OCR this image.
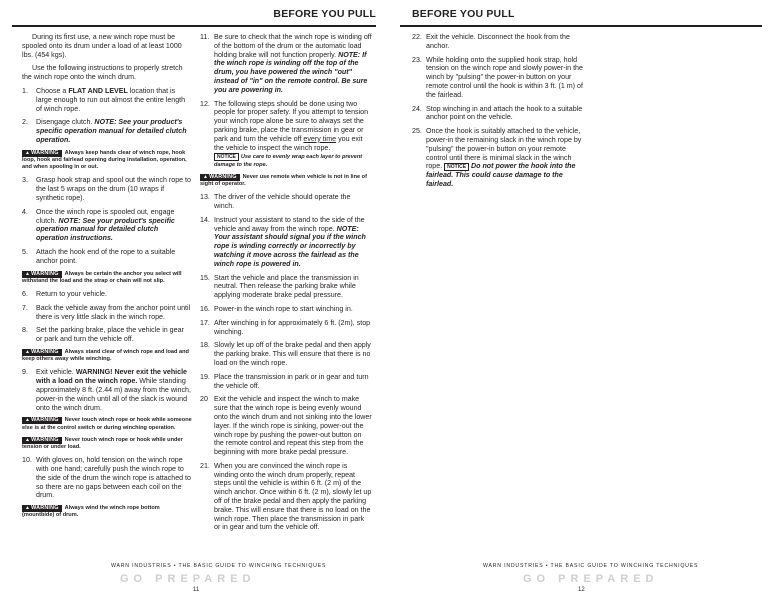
BEFORE YOU PULL

During its first use, a new winch rope must be spooled onto its drum under a load of at least 1000 lbs. (454 kgs).

Use the following instructions to properly stretch the winch rope onto the winch drum.

1.	Choose a FLAT AND LEVEL location that is large enough to run out almost the entire length of winch rope.
2.	Disengage clutch. NOTE: See your product's specific operation manual for detailed clutch operation.
▲WARNING Always keep hands clear of winch rope, hook loop, hook and fairlead opening during installation, operation, and when spooling in or out.
3.	Grasp hook strap and spool out the winch rope to the last 5 wraps on the drum (10 wraps if synthetic rope).
4.	Once the winch rope is spooled out, engage clutch. NOTE: See your product's specific operation manual for detailed clutch operation instructions.
5.	Attach the hook end of the rope to a suitable anchor point.
▲WARNING Always be certain the anchor you select will withstand the load and the strap or chain will not slip.
6.	Return to your vehicle.
7.	Back the vehicle away from the anchor point until there is very little slack in the winch rope.
8.	Set the parking brake, place the vehicle in gear or park and turn the vehicle off.
▲WARNING Always stand clear of winch rope and load and keep others away while winching.
9.	Exit vehicle. WARNING! Never exit the vehicle with a load on the winch rope. While standing approximately 8 ft. (2.44 m) away from the winch, power-in the winch until all of the slack is wound onto the winch drum.
▲WARNING Never touch winch rope or hook while someone else is at the control switch or during winching operation.
▲WARNING Never touch winch rope or hook while under tension or under load.
10. With gloves on, hold tension on the winch rope with one hand; carefully push the winch rope to the side of the drum the winch rope is attached to so there are no gaps between each coil on the drum.
▲WARNING Always wind the winch rope bottom (mountbide) of drum.
11. Be sure to check that the winch rope is winding off of the bottom of the drum or the automatic load holding brake will not function properly. NOTE: If the winch rope is winding off the top of the drum, you have powered the winch "out" instead of "in" on the remote control. Be sure you are powering in.
12. The following steps should be done using two people for proper safety. If you attempt to tension your winch rope alone be sure to always set the parking brake, place the transmission in gear or park and turn the vehicle off every time you exit the vehicle to inspect the winch rope.
NOTICE Use care to evenly wrap each layer to prevent damage to the rope.
▲WARNING Never use remote when vehicle is not in line of sight of operator.
13. The driver of the vehicle should operate the winch.
14. Instruct your assistant to stand to the side of the vehicle and away from the winch rope. NOTE: Your assistant should signal you if the winch rope is winding correctly or incorrectly by watching it move across the fairlead as the winch rope is powered in.
15. Start the vehicle and place the transmission in neutral. Then release the parking brake while applying moderate brake pedal pressure.
16. Power-in the winch rope to start winching in.
17. After winching in for approximately 6 ft. (2m), stop winching.
18. Slowly let up off of the brake pedal and then apply the parking brake. This will ensure that there is no load on the winch rope.
19. Place the transmission in park or in gear and turn the vehicle off.
20 Exit the vehicle and inspect the winch to make sure that the winch rope is being evenly wound onto the winch drum and not sinking into the lower layer. If the winch rope is sinking, power-out the winch rope by pushing the power-out button on the remote control and repeat this step from the beginning with more brake pedal pressure.
21. When you are convinced the winch rope is winding onto the winch drum properly, repeat steps until the vehicle is within 6 ft. (2 m) of the winch anchor. Once within 6 ft. (2 m), slowly let up off of the brake pedal and then apply the parking brake. This will ensure that there is no load on the winch rope. Then place the transmission in park or in gear and turn the vehicle off.
WARN INDUSTRIES • THE BASIC GUIDE TO WINCHING TECHNIQUES
GO PREPARED
11
BEFORE YOU PULL
22. Exit the vehicle. Disconnect the hook from the anchor.
23. While holding onto the supplied hook strap, hold tension on the winch rope and slowly power-in the winch by "pulsing" the power-in button on your remote control until the hook is within 3 ft. (1 m) of the fairlead.
24. Stop winching in and attach the hook to a suitable anchor point on the vehicle.
25. Once the hook is suitably attached to the vehicle, power-in the remaining slack in the winch rope by "pulsing" the power-in button on your remote control until there is minimal slack in the winch rope. NOTICE Do not power the hook into the fairlead. This could cause damage to the fairlead.
WARN INDUSTRIES • THE BASIC GUIDE TO WINCHING TECHNIQUES
GO PREPARED
12
